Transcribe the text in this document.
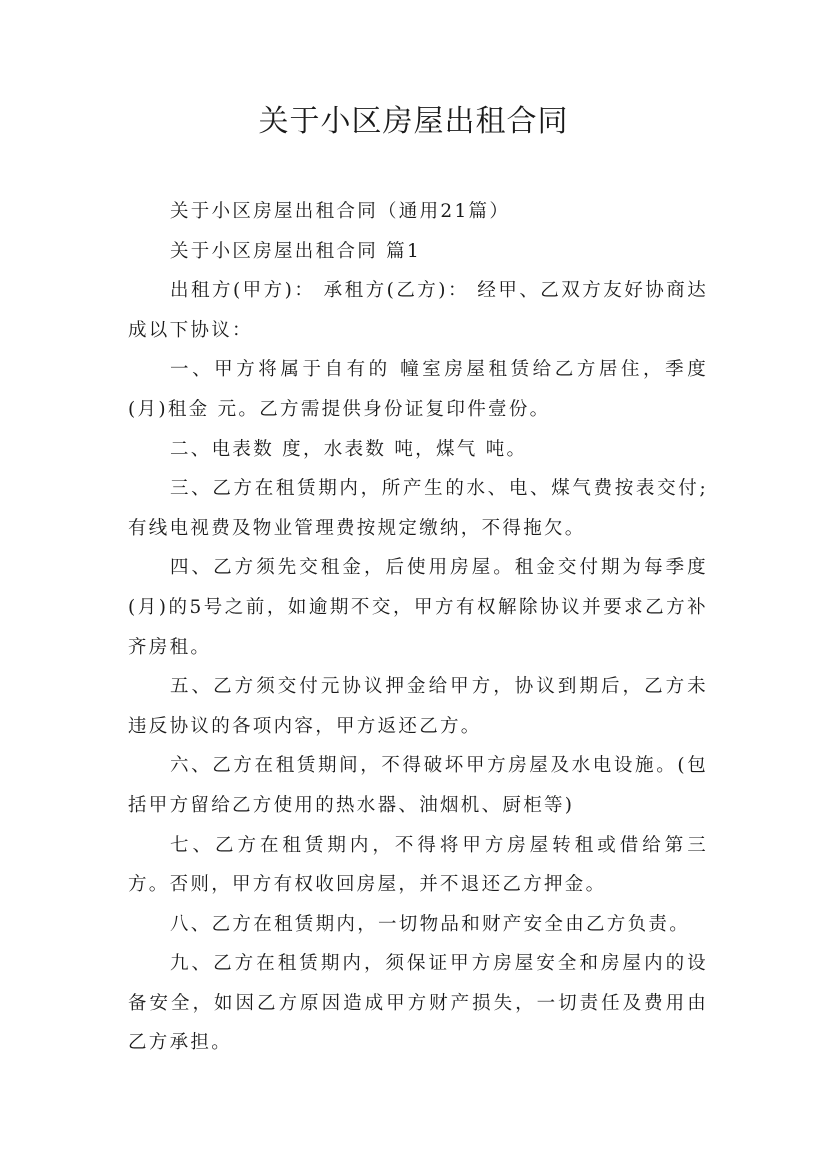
关于小区房屋出租合同

关于小区房屋出租合同（通用21篇）

关于小区房屋出租合同 篇1

出租方(甲方)： 承租方(乙方)： 经甲、乙双方友好协商达成以下协议：

一、甲方将属于自有的 幢室房屋租赁给乙方居住，季度(月)租金 元。乙方需提供身份证复印件壹份。

二、电表数 度，水表数 吨，煤气 吨。

三、乙方在租赁期内，所产生的水、电、煤气费按表交付;有线电视费及物业管理费按规定缴纳，不得拖欠。

四、乙方须先交租金，后使用房屋。租金交付期为每季度(月)的5号之前，如逾期不交，甲方有权解除协议并要求乙方补齐房租。

五、乙方须交付元协议押金给甲方，协议到期后，乙方未违反协议的各项内容，甲方返还乙方。

六、乙方在租赁期间，不得破坏甲方房屋及水电设施。(包括甲方留给乙方使用的热水器、油烟机、厨柜等)

七、乙方在租赁期内，不得将甲方房屋转租或借给第三方。否则，甲方有权收回房屋，并不退还乙方押金。

八、乙方在租赁期内，一切物品和财产安全由乙方负责。

九、乙方在租赁期内，须保证甲方房屋安全和房屋内的设备安全，如因乙方原因造成甲方财产损失，一切责任及费用由乙方承担。
